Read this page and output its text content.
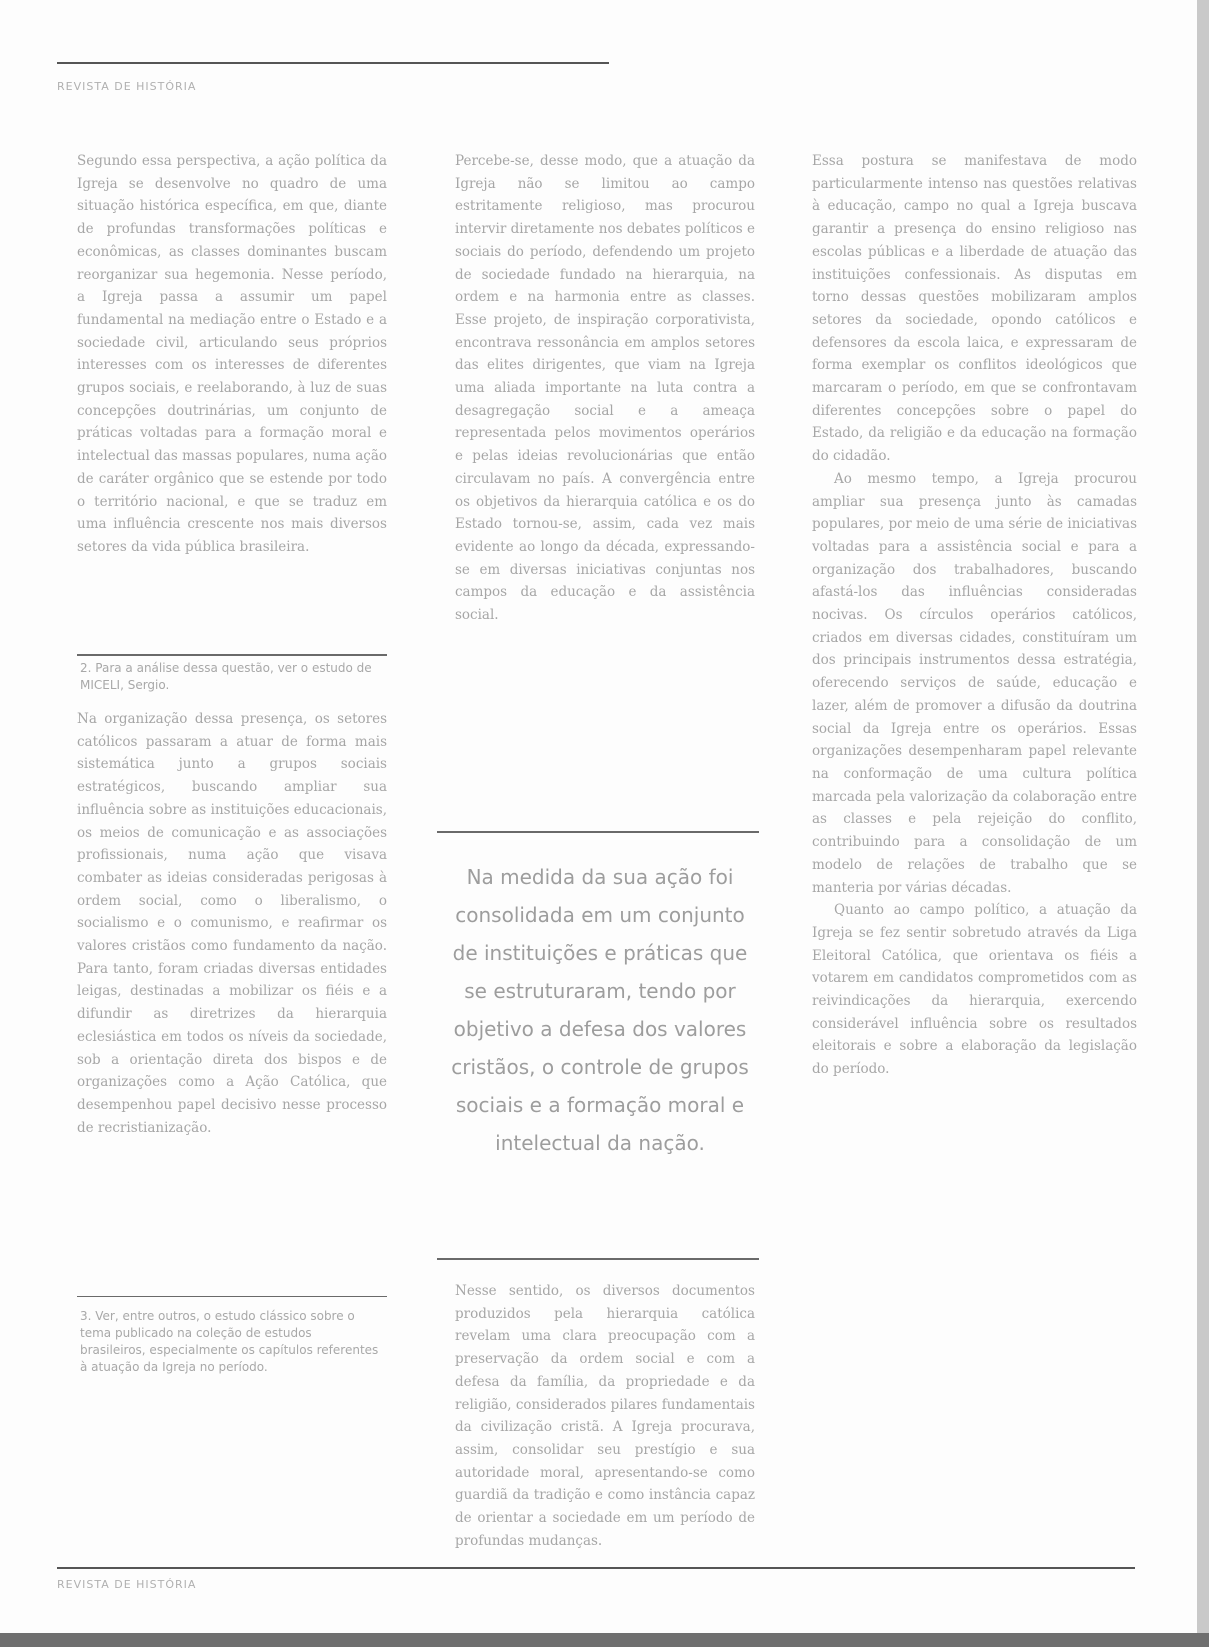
REVISTA DE HISTÓRIA

Segundo essa perspectiva, a ação política da Igreja se desenvolve no quadro de uma situação histórica específica, em que, diante de profundas transformações políticas e econômicas, as classes dominantes buscam reorganizar sua hegemonia. Nesse período, a Igreja passa a assumir um papel fundamental na mediação entre o Estado e a sociedade civil, articulando seus próprios interesses com os interesses de diferentes grupos sociais, e reelaborando, à luz de suas concepções doutrinárias, um conjunto de práticas voltadas para a formação moral e intelectual das massas populares, numa ação de caráter orgânico que se estende por todo o território nacional, e que se traduz em uma influência crescente nos mais diversos setores da vida pública brasileira.

2. Para a análise dessa questão, ver o estudo de MICELI, Sergio.

Na organização dessa presença, os setores católicos passaram a atuar de forma mais sistemática junto a grupos sociais estratégicos, buscando ampliar sua influência sobre as instituições educacionais, os meios de comunicação e as associações profissionais, numa ação que visava combater as ideias consideradas perigosas à ordem social, como o liberalismo, o socialismo e o comunismo, e reafirmar os valores cristãos como fundamento da nação. Para tanto, foram criadas diversas entidades leigas, destinadas a mobilizar os fiéis e a difundir as diretrizes da hierarquia eclesiástica em todos os níveis da sociedade, sob a orientação direta dos bispos e de organizações como a Ação Católica, que desempenhou papel decisivo nesse processo de recristianização.

3. Ver, entre outros, o estudo clássico sobre o tema publicado na coleção de estudos brasileiros, especialmente os capítulos referentes à atuação da Igreja no período.

Percebe-se, desse modo, que a atuação da Igreja não se limitou ao campo estritamente religioso, mas procurou intervir diretamente nos debates políticos e sociais do período, defendendo um projeto de sociedade fundado na hierarquia, na ordem e na harmonia entre as classes. Esse projeto, de inspiração corporativista, encontrava ressonância em amplos setores das elites dirigentes, que viam na Igreja uma aliada importante na luta contra a desagregação social e a ameaça representada pelos movimentos operários e pelas ideias revolucionárias que então circulavam no país. A convergência entre os objetivos da hierarquia católica e os do Estado tornou-se, assim, cada vez mais evidente ao longo da década, expressando-se em diversas iniciativas conjuntas nos campos da educação e da assistência social.

Na medida da sua ação foi consolidada em um conjunto de instituições e práticas que se estruturaram, tendo por objetivo a defesa dos valores cristãos, o controle de grupos sociais e a formação moral e intelectual da nação.

Nesse sentido, os diversos documentos produzidos pela hierarquia católica revelam uma clara preocupação com a preservação da ordem social e com a defesa da família, da propriedade e da religião, considerados pilares fundamentais da civilização cristã. A Igreja procurava, assim, consolidar seu prestígio e sua autoridade moral, apresentando-se como guardiã da tradição e como instância capaz de orientar a sociedade em um período de profundas mudanças.

Essa postura se manifestava de modo particularmente intenso nas questões relativas à educação, campo no qual a Igreja buscava garantir a presença do ensino religioso nas escolas públicas e a liberdade de atuação das instituições confessionais. As disputas em torno dessas questões mobilizaram amplos setores da sociedade, opondo católicos e defensores da escola laica, e expressaram de forma exemplar os conflitos ideológicos que marcaram o período, em que se confrontavam diferentes concepções sobre o papel do Estado, da religião e da educação na formação do cidadão.

Ao mesmo tempo, a Igreja procurou ampliar sua presença junto às camadas populares, por meio de uma série de iniciativas voltadas para a assistência social e para a organização dos trabalhadores, buscando afastá-los das influências consideradas nocivas. Os círculos operários católicos, criados em diversas cidades, constituíram um dos principais instrumentos dessa estratégia, oferecendo serviços de saúde, educação e lazer, além de promover a difusão da doutrina social da Igreja entre os operários. Essas organizações desempenharam papel relevante na conformação de uma cultura política marcada pela valorização da colaboração entre as classes e pela rejeição do conflito, contribuindo para a consolidação de um modelo de relações de trabalho que se manteria por várias décadas.

Quanto ao campo político, a atuação da Igreja se fez sentir sobretudo através da Liga Eleitoral Católica, que orientava os fiéis a votarem em candidatos comprometidos com as reivindicações da hierarquia, exercendo considerável influência sobre os resultados eleitorais e sobre a elaboração da legislação do período.

REVISTA DE HISTÓRIA
